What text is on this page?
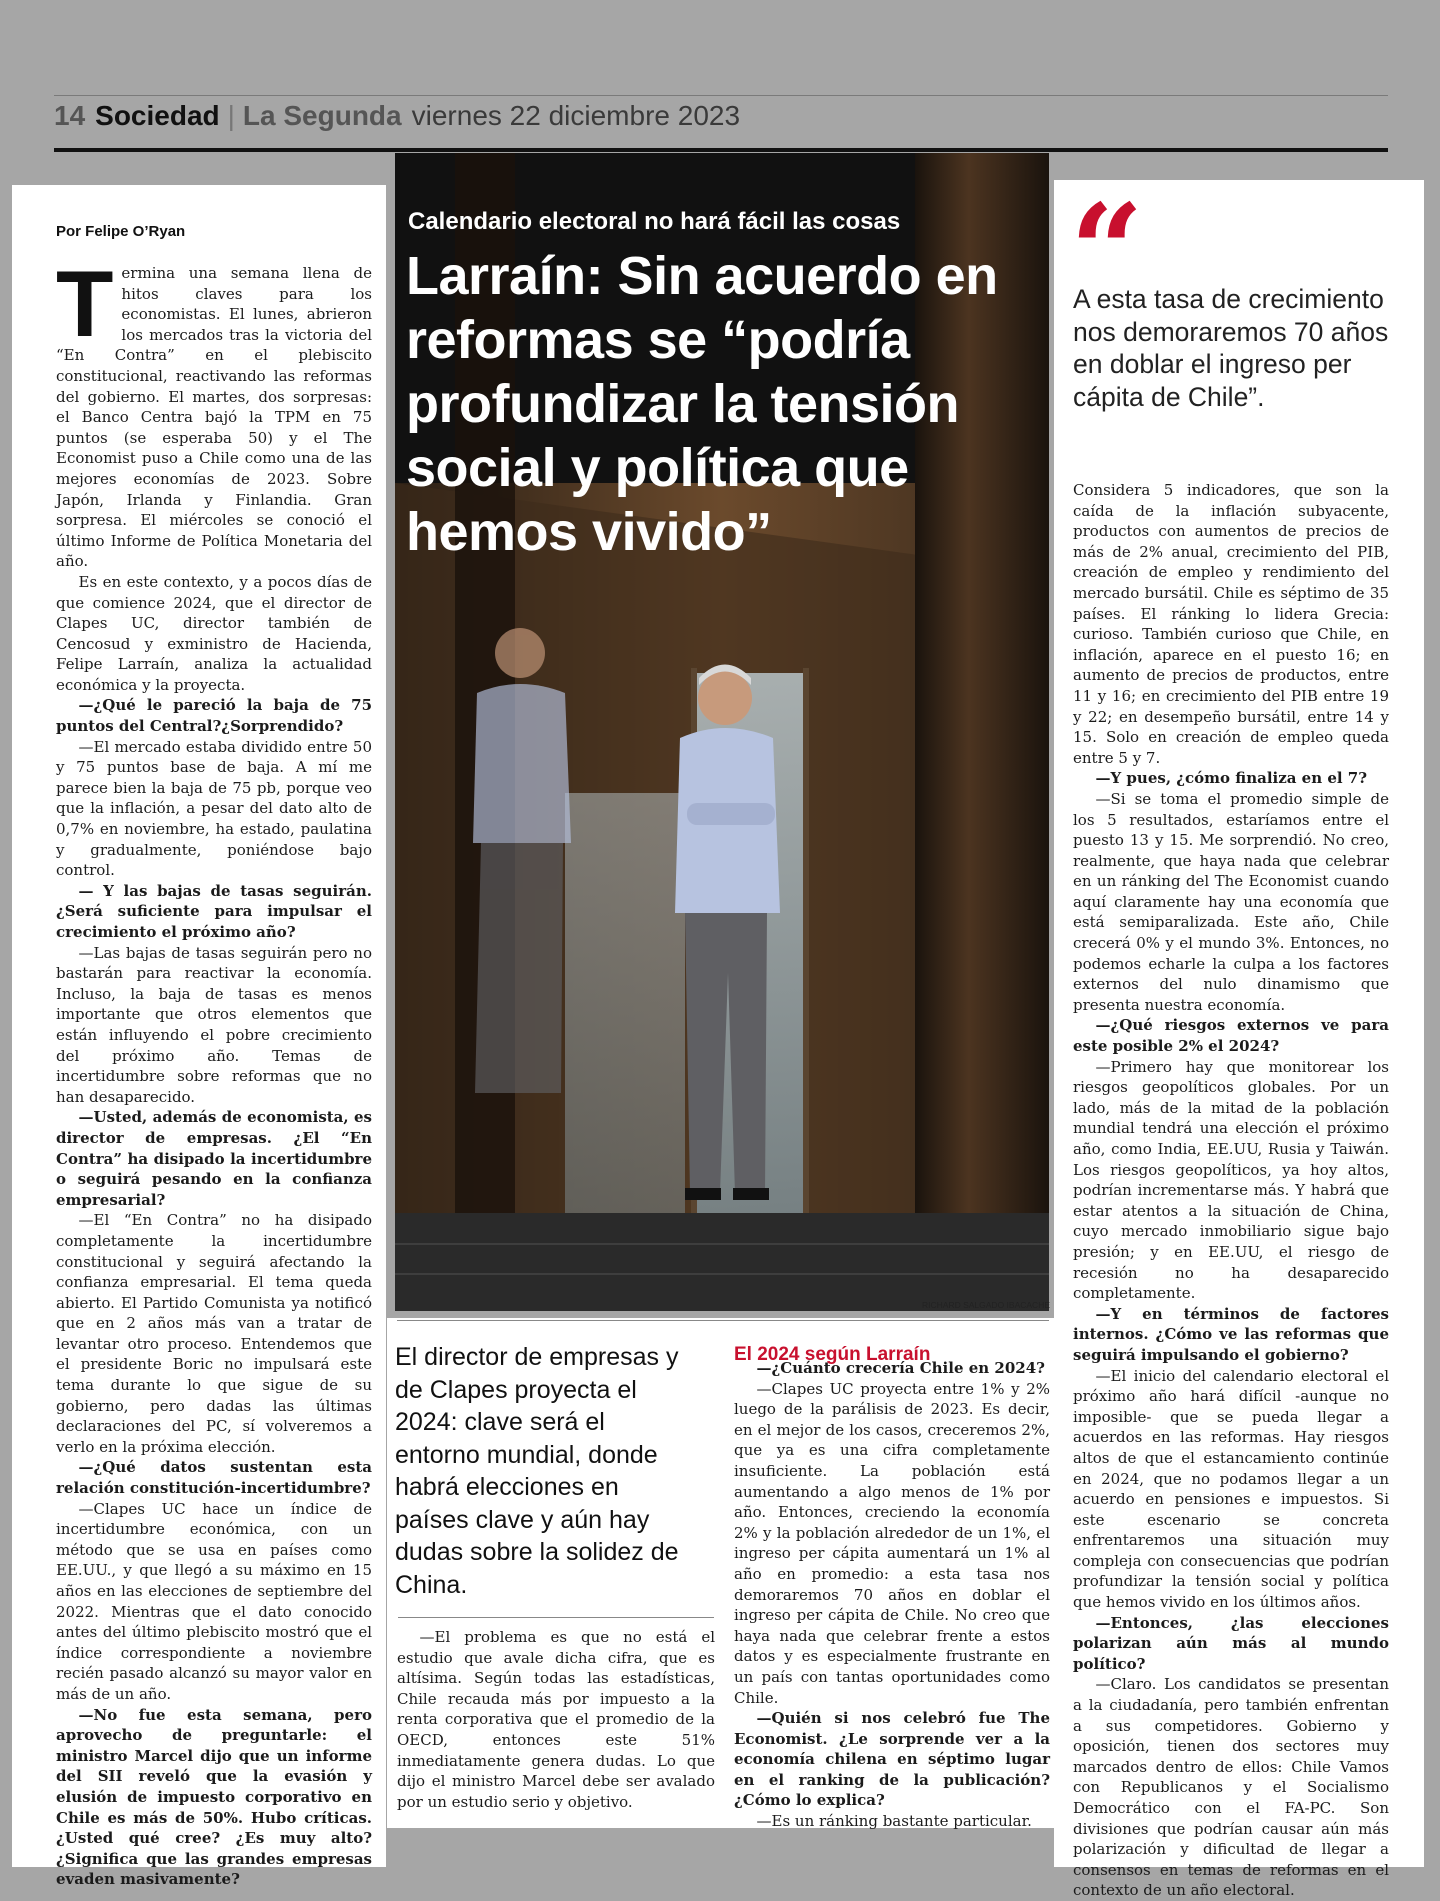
14 Sociedad | La Segunda viernes 22 diciembre 2023
Por Felipe O’Ryan
T ermina una semana llena de hitos claves para los economistas. El lunes, abrieron los mercados tras la victoria del “En Contra” en el plebiscito constitucional, reactivando las reformas del gobierno. El martes, dos sorpresas: el Banco Centra bajó la TPM en 75 puntos (se esperaba 50) y el The Economist puso a Chile como una de las mejores economías de 2023. Sobre Japón, Irlanda y Finlandia. Gran sorpresa. El miércoles se conoció el último Informe de Política Monetaria del año.

Es en este contexto, y a pocos días de que comience 2024, que el director de Clapes UC, director también de Cencosud y exministro de Hacienda, Felipe Larraín, analiza la actualidad económica y la proyecta.

—¿Qué le pareció la baja de 75 puntos del Central?¿Sorprendido?

—El mercado estaba dividido entre 50 y 75 puntos base de baja. A mí me parece bien la baja de 75 pb, porque veo que la inflación, a pesar del dato alto de 0,7% en noviembre, ha estado, paulatina y gradualmente, poniéndose bajo control.

— Y las bajas de tasas seguirán. ¿Será suficiente para impulsar el crecimiento el próximo año?

—Las bajas de tasas seguirán pero no bastarán para reactivar la economía. Incluso, la baja de tasas es menos importante que otros elementos que están influyendo el pobre crecimiento del próximo año. Temas de incertidumbre sobre reformas que no han desaparecido.

—Usted, además de economista, es director de empresas. ¿El “En Contra” ha disipado la incertidumbre o seguirá pesando en la confianza empresarial?

—El “En Contra” no ha disipado completamente la incertidumbre constitucional y seguirá afectando la confianza empresarial. El tema queda abierto. El Partido Comunista ya notificó que en 2 años más van a tratar de levantar otro proceso. Entendemos que el presidente Boric no impulsará este tema durante lo que sigue de su gobierno, pero dadas las últimas declaraciones del PC, sí volveremos a verlo en la próxima elección.

—¿Qué datos sustentan esta relación constitución-incertidumbre?

—Clapes UC hace un índice de incertidumbre económica, con un método que se usa en países como EE.UU., y que llegó a su máximo en 15 años en las elecciones de septiembre del 2022. Mientras que el dato conocido antes del último plebiscito mostró que el índice correspondiente a noviembre recién pasado alcanzó su mayor valor en más de un año.

—No fue esta semana, pero aprovecho de preguntarle: el ministro Marcel dijo que un informe del SII reveló que la evasión y elusión de impuesto corporativo en Chile es más de 50%. Hubo críticas. ¿Usted qué cree? ¿Es muy alto? ¿Significa que las grandes empresas evaden masivamente?

RICHARD SALGADO IBACACHE
Calendario electoral no hará fácil las cosas
Larraín: Sin acuerdo en reformas se “podría profundizar la tensión social y política que hemos vivido”
El director de empresas y de Clapes proyecta el 2024: clave será el entorno mundial, donde habrá elecciones en países clave y aún hay dudas sobre la solidez de China.

—El problema es que no está el estudio que avale dicha cifra, que es altísima. Según todas las estadísticas, Chile recauda más por impuesto a la renta corporativa que el promedio de la OECD, entonces este 51% inmediatamente genera dudas. Lo que dijo el ministro Marcel debe ser avalado por un estudio serio y objetivo.

El 2024 según Larraín

—¿Cuánto crecería Chile en 2024?

—Clapes UC proyecta entre 1% y 2% luego de la parálisis de 2023. Es decir, en el mejor de los casos, creceremos 2%, que ya es una cifra completamente insuficiente. La población está aumentando a algo menos de 1% por año. Entonces, creciendo la economía 2% y la población alrededor de un 1%, el ingreso per cápita aumentará un 1% al año en promedio: a esta tasa nos demoraremos 70 años en doblar el ingreso per cápita de Chile. No creo que haya nada que celebrar frente a estos datos y es especialmente frustrante en un país con tantas oportunidades como Chile.

—Quién si nos celebró fue The Economist. ¿Le sorprende ver a la economía chilena en séptimo lugar en el ranking de la publicación? ¿Cómo lo explica?

—Es un ránking bastante particular.

“
A esta tasa de crecimiento nos demoraremos 70 años en doblar el ingreso per cápita de Chile”.

Considera 5 indicadores, que son la caída de la inflación subyacente, productos con aumentos de precios de más de 2% anual, crecimiento del PIB, creación de empleo y rendimiento del mercado bursátil. Chile es séptimo de 35 países. El ránking lo lidera Grecia: curioso. También curioso que Chile, en inflación, aparece en el puesto 16; en aumento de precios de productos, entre 11 y 16; en crecimiento del PIB entre 19 y 22; en desempeño bursátil, entre 14 y 15. Solo en creación de empleo queda entre 5 y 7.

—Y pues, ¿cómo finaliza en el 7?

—Si se toma el promedio simple de los 5 resultados, estaríamos entre el puesto 13 y 15. Me sorprendió. No creo, realmente, que haya nada que celebrar en un ránking del The Economist cuando aquí claramente hay una economía que está semiparalizada. Este año, Chile crecerá 0% y el mundo 3%. Entonces, no podemos echarle la culpa a los factores externos del nulo dinamismo que presenta nuestra economía.

—¿Qué riesgos externos ve para este posible 2% el 2024?

—Primero hay que monitorear los riesgos geopolíticos globales. Por un lado, más de la mitad de la población mundial tendrá una elección el próximo año, como India, EE.UU, Rusia y Taiwán. Los riesgos geopolíticos, ya hoy altos, podrían incrementarse más. Y habrá que estar atentos a la situación de China, cuyo mercado inmobiliario sigue bajo presión; y en EE.UU, el riesgo de recesión no ha desaparecido completamente.

—Y en términos de factores internos. ¿Cómo ve las reformas que seguirá impulsando el gobierno?

—El inicio del calendario electoral el próximo año hará difícil -aunque no imposible- que se pueda llegar a acuerdos en las reformas. Hay riesgos altos de que el estancamiento continúe en 2024, que no podamos llegar a un acuerdo en pensiones e impuestos. Si este escenario se concreta enfrentaremos una situación muy compleja con consecuencias que podrían profundizar la tensión social y política que hemos vivido en los últimos años.

—Entonces, ¿las elecciones polarizan aún más al mundo político?

—Claro. Los candidatos se presentan a la ciudadanía, pero también enfrentan a sus competidores. Gobierno y oposición, tienen dos sectores muy marcados dentro de ellos: Chile Vamos con Republicanos y el Socialismo Democrático con el FA-PC. Son divisiones que podrían causar aún más polarización y dificultad de llegar a consensos en temas de reformas en el contexto de un año electoral.
